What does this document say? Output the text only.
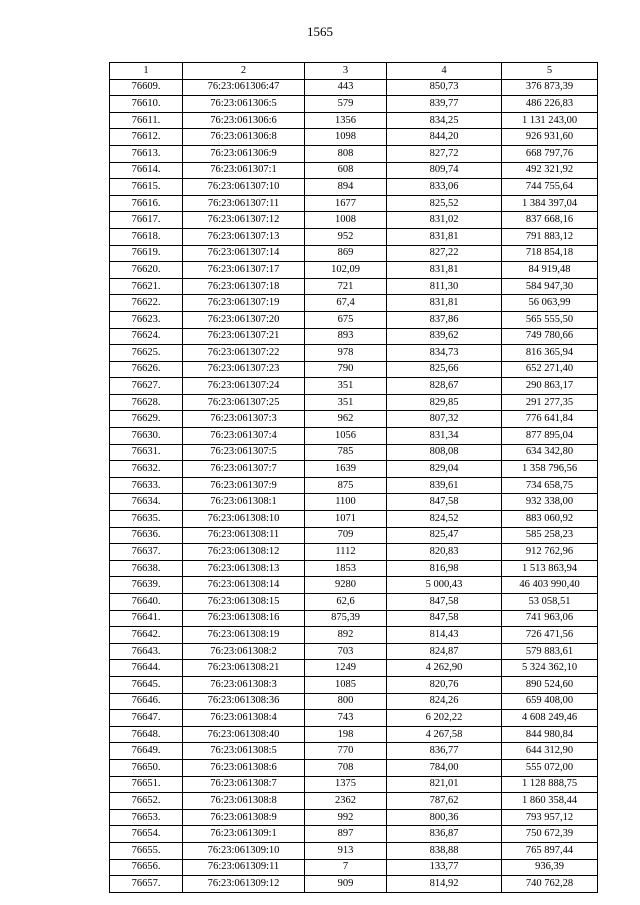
1565
1	2	3	4	5
76609.	76:23:061306:47	443	850,73	376 873,39
76610.	76:23:061306:5	579	839,77	486 226,83
76611.	76:23:061306:6	1356	834,25	1 131 243,00
76612.	76:23:061306:8	1098	844,20	926 931,60
76613.	76:23:061306:9	808	827,72	668 797,76
76614.	76:23:061307:1	608	809,74	492 321,92
76615.	76:23:061307:10	894	833,06	744 755,64
76616.	76:23:061307:11	1677	825,52	1 384 397,04
76617.	76:23:061307:12	1008	831,02	837 668,16
76618.	76:23:061307:13	952	831,81	791 883,12
76619.	76:23:061307:14	869	827,22	718 854,18
76620.	76:23:061307:17	102,09	831,81	84 919,48
76621.	76:23:061307:18	721	811,30	584 947,30
76622.	76:23:061307:19	67,4	831,81	56 063,99
76623.	76:23:061307:20	675	837,86	565 555,50
76624.	76:23:061307:21	893	839,62	749 780,66
76625.	76:23:061307:22	978	834,73	816 365,94
76626.	76:23:061307:23	790	825,66	652 271,40
76627.	76:23:061307:24	351	828,67	290 863,17
76628.	76:23:061307:25	351	829,85	291 277,35
76629.	76:23:061307:3	962	807,32	776 641,84
76630.	76:23:061307:4	1056	831,34	877 895,04
76631.	76:23:061307:5	785	808,08	634 342,80
76632.	76:23:061307:7	1639	829,04	1 358 796,56
76633.	76:23:061307:9	875	839,61	734 658,75
76634.	76:23:061308:1	1100	847,58	932 338,00
76635.	76:23:061308:10	1071	824,52	883 060,92
76636.	76:23:061308:11	709	825,47	585 258,23
76637.	76:23:061308:12	1112	820,83	912 762,96
76638.	76:23:061308:13	1853	816,98	1 513 863,94
76639.	76:23:061308:14	9280	5 000,43	46 403 990,40
76640.	76:23:061308:15	62,6	847,58	53 058,51
76641.	76:23:061308:16	875,39	847,58	741 963,06
76642.	76:23:061308:19	892	814,43	726 471,56
76643.	76:23:061308:2	703	824,87	579 883,61
76644.	76:23:061308:21	1249	4 262,90	5 324 362,10
76645.	76:23:061308:3	1085	820,76	890 524,60
76646.	76:23:061308:36	800	824,26	659 408,00
76647.	76:23:061308:4	743	6 202,22	4 608 249,46
76648.	76:23:061308:40	198	4 267,58	844 980,84
76649.	76:23:061308:5	770	836,77	644 312,90
76650.	76:23:061308:6	708	784,00	555 072,00
76651.	76:23:061308:7	1375	821,01	1 128 888,75
76652.	76:23:061308:8	2362	787,62	1 860 358,44
76653.	76:23:061308:9	992	800,36	793 957,12
76654.	76:23:061309:1	897	836,87	750 672,39
76655.	76:23:061309:10	913	838,88	765 897,44
76656.	76:23:061309:11	7	133,77	936,39
76657.	76:23:061309:12	909	814,92	740 762,28
